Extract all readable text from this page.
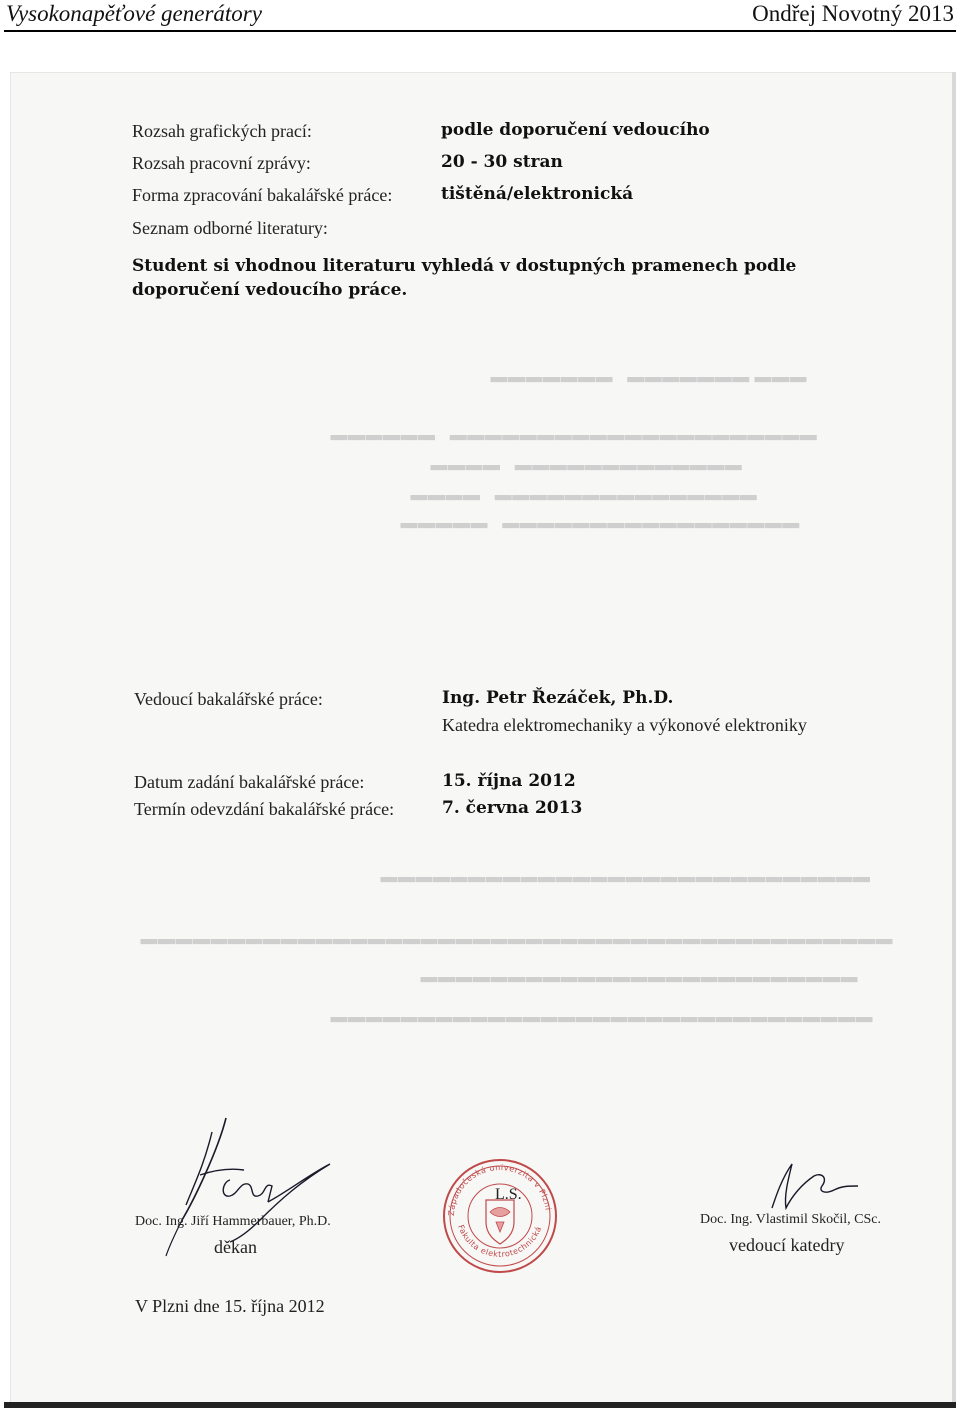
Vysokonapěťové generátory	Ondřej Novotný 2013
▬▬▬ ▬▬▬▬▬▬▬   ▬▬▬▬▬▬▬
▬▬▬▬▬▬▬▬▬▬▬▬▬▬▬▬▬▬▬▬▬   ▬▬▬▬▬▬
▬▬▬▬▬▬▬▬▬▬▬▬▬   ▬▬▬▬
▬▬▬▬▬▬▬▬▬▬▬▬▬▬▬   ▬▬▬▬
▬▬▬▬▬▬▬▬▬▬▬▬▬▬▬▬▬   ▬▬▬▬▬
▬▬▬▬▬▬▬▬▬▬▬▬▬▬▬▬▬▬▬▬▬▬▬▬▬▬▬▬
▬▬▬▬▬▬▬▬▬▬▬▬▬▬▬▬▬▬▬▬▬▬▬▬▬▬▬▬▬▬▬▬▬▬▬▬▬▬▬▬▬▬▬
▬▬▬▬▬▬▬▬▬▬▬▬▬▬▬▬▬▬▬▬▬▬▬▬▬
▬▬▬▬▬▬▬▬▬▬▬▬▬▬▬▬▬▬▬▬▬▬▬▬▬▬▬▬▬▬▬
Rozsah grafických prací:	podle doporučení vedoucího
Rozsah pracovní zprávy:	20 - 30 stran
Forma zpracování bakalářské práce:	tištěná/elektronická
Seznam odborné literatury:
Student si vhodnou literaturu vyhledá v dostupných pramenech podle
doporučení vedoucího práce.
Vedoucí bakalářské práce:	Ing. Petr Řezáček, Ph.D.
Katedra elektromechaniky a výkonové elektroniky
Datum zadání bakalářské práce:	15. října 2012
Termín odevzdání bakalářské práce:	7. června 2013
Doc. Ing. Jiří Hammerbauer, Ph.D.
děkan
Západočeská univerzita v Plzni
Fakulta elektrotechnická
L.S.
Doc. Ing. Vlastimil Skočil, CSc.
vedoucí katedry
V Plzni dne 15. října 2012
